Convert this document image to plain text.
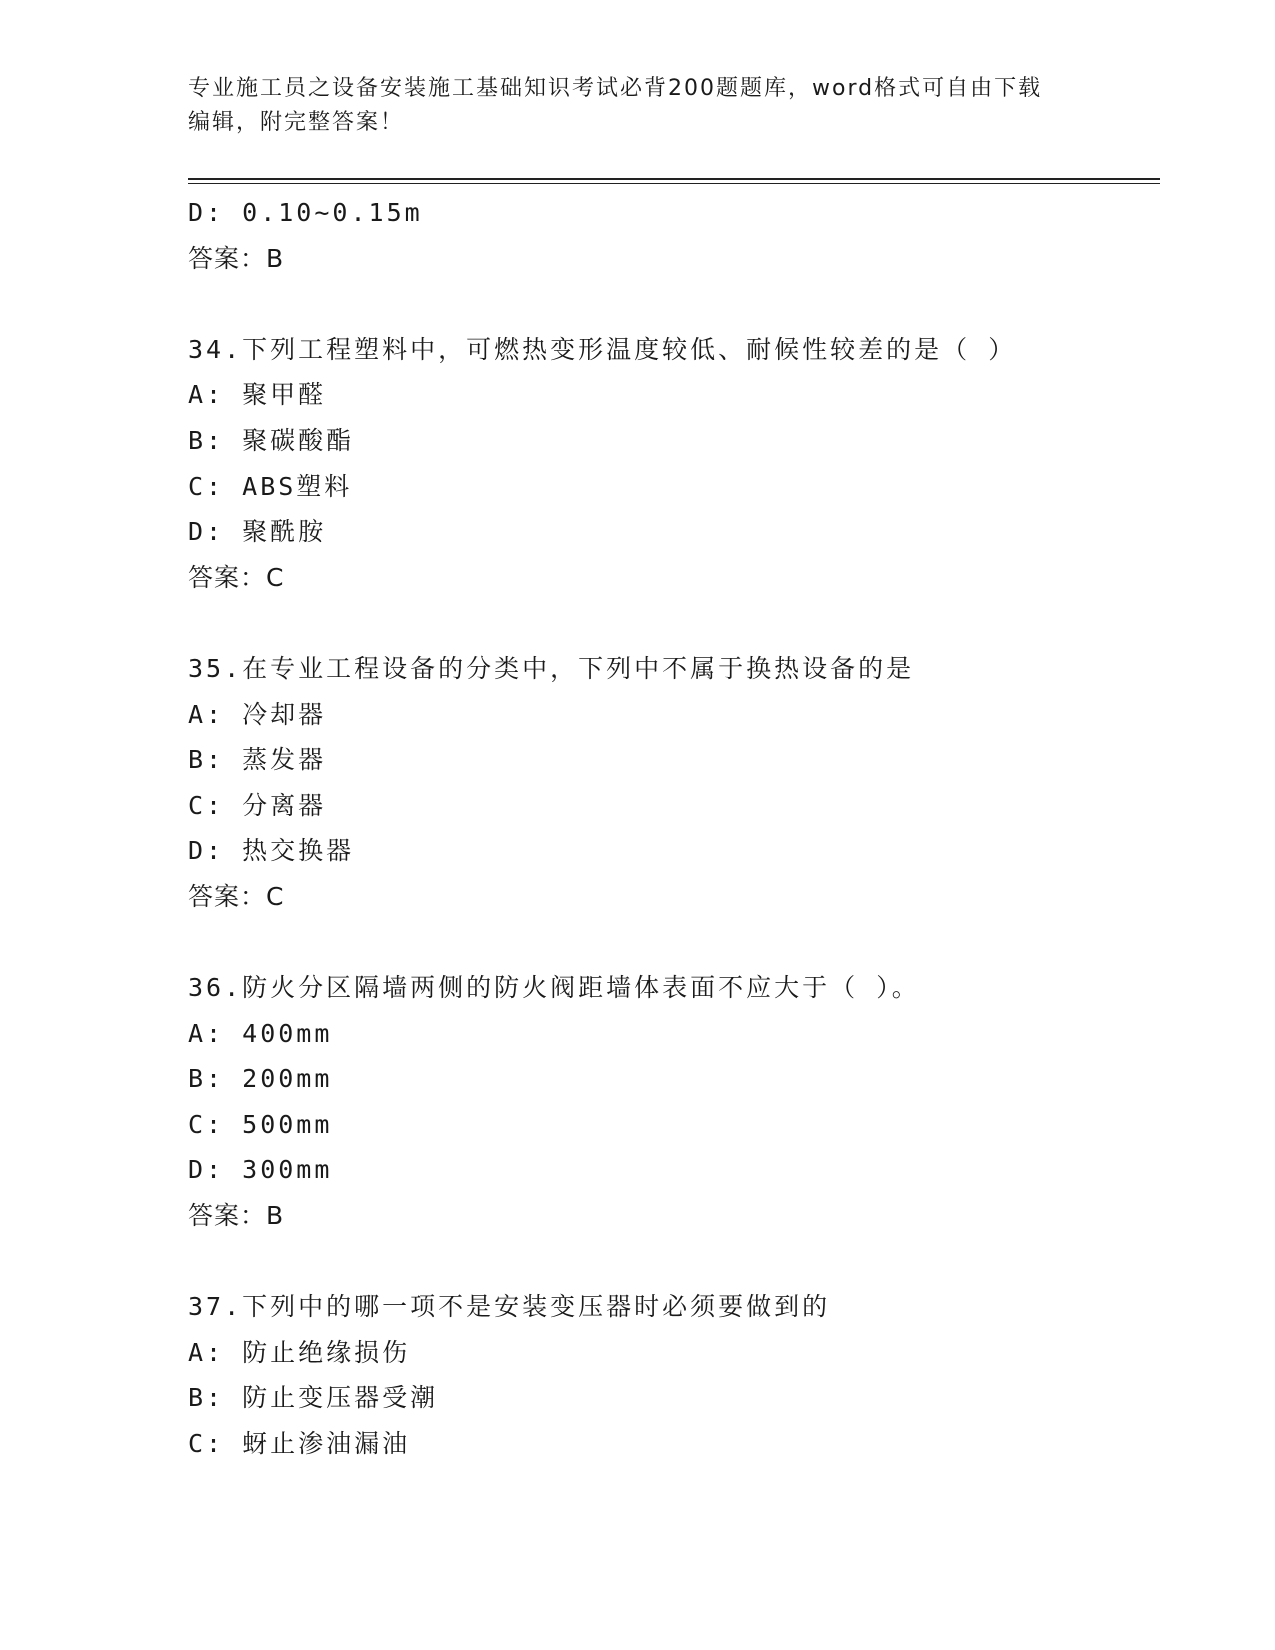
专业施工员之设备安装施工基础知识考试必背200题题库，word格式可自由下载
编辑，附完整答案！
D: 0.10~0.15m
答案：B
34.下列工程塑料中，可燃热变形温度较低、耐候性较差的是（ ）
A: 聚甲醛
B: 聚碳酸酯
C: ABS塑料
D: 聚酰胺
答案：C
35.在专业工程设备的分类中，下列中不属于换热设备的是
A: 冷却器
B: 蒸发器
C: 分离器
D: 热交换器
答案：C
36.防火分区隔墙两侧的防火阀距墙体表面不应大于（ ）。
A: 400mm
B: 200mm
C: 500mm
D: 300mm
答案：B
37.下列中的哪一项不是安装变压器时必须要做到的
A: 防止绝缘损伤
B: 防止变压器受潮
C: 蚜止渗油漏油
